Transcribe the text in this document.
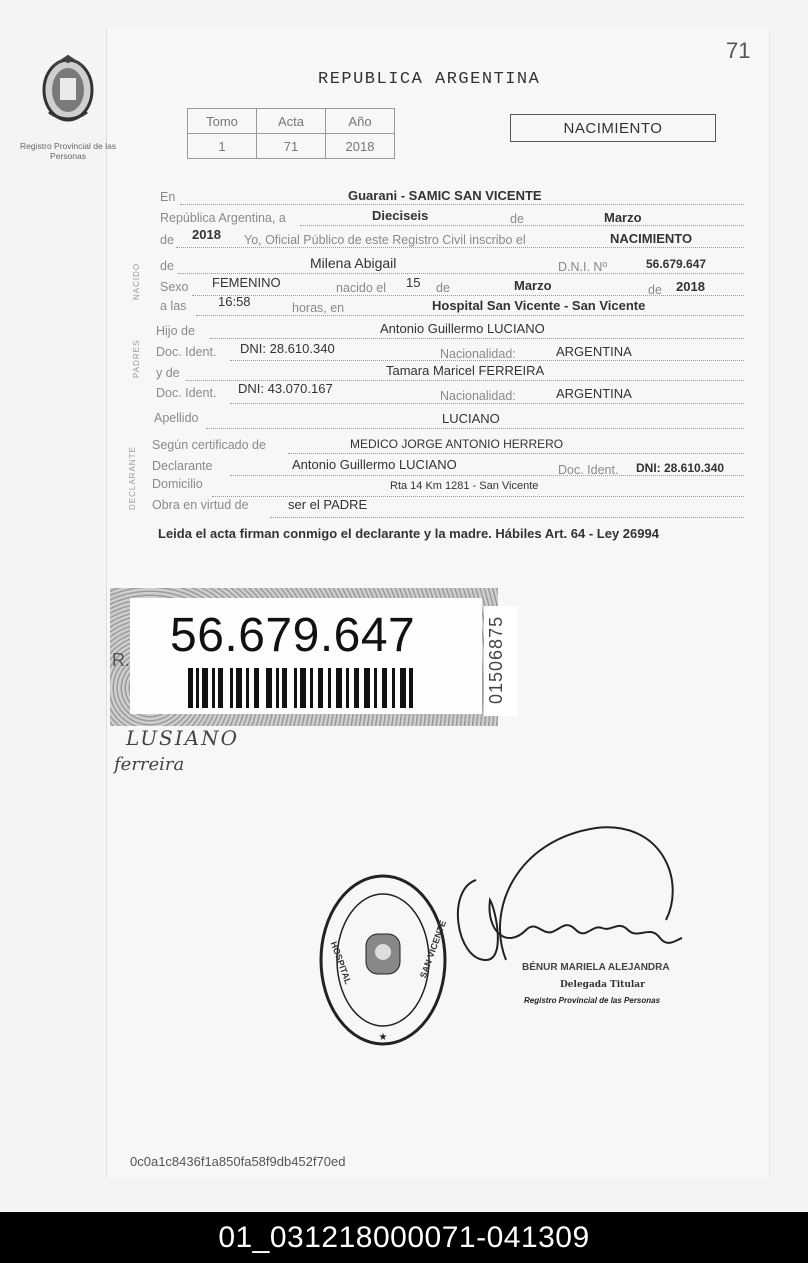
Registro Provincial de las Personas
71
REPUBLICA ARGENTINA
Tomo	Acta	Año
1	71	2018
NACIMIENTO
NACIDO
PADRES
DECLARANTE
En	Guarani - SAMIC SAN VICENTE
República Argentina, a	Dieciseis	de	Marzo
de 2018 Yo, Oficial Público de este Registro Civil inscribo el	NACIMIENTO
de	Milena Abigail	D.N.I. Nº	56.679.647
Sexo FEMENINO	nacido el 15 de	Marzo	de 2018
a las 16:58	horas, en	Hospital San Vicente - San Vicente
Hijo de	Antonio Guillermo LUCIANO
Doc. Ident. DNI: 28.610.340	Nacionalidad:	ARGENTINA
y de	Tamara Maricel FERREIRA
Doc. Ident. DNI: 43.070.167	Nacionalidad:	ARGENTINA
Apellido	LUCIANO
Según certificado de	MEDICO JORGE ANTONIO HERRERO
Declarante	Antonio Guillermo LUCIANO	Doc. Ident. DNI: 28.610.340
Domicilio	Rta 14 Km 1281 - San Vicente
Obra en virtud de	ser el PADRE
Leida el acta firman conmigo el declarante y la madre. Hábiles Art. 64 - Ley 26994
R. 56.679.647	01506875
LUSIANO
ferreira
★
HOSPITAL	SAN VICENTE	BÉNUR MARIELA ALEJANDRA
Delegada Titular
Registro Provincial de las Personas
0c0a1c8436f1a850fa58f9db452f70ed
01_031218000071-041309
